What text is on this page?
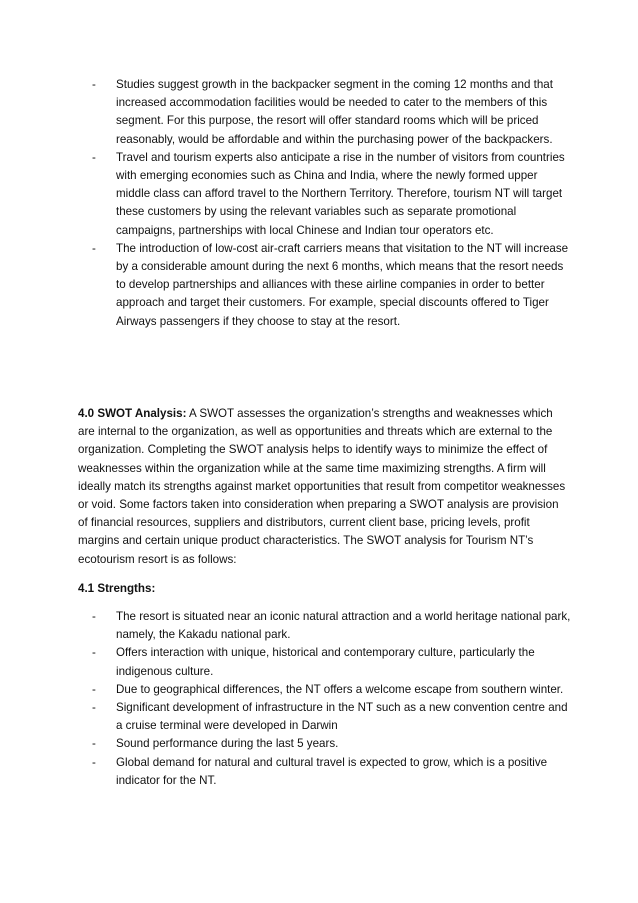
- Studies suggest growth in the backpacker segment in the coming 12 months and that increased accommodation facilities would be needed to cater to the members of this segment. For this purpose, the resort will offer standard rooms which will be priced reasonably, would be affordable and within the purchasing power of the backpackers.
- Travel and tourism experts also anticipate a rise in the number of visitors from countries with emerging economies such as China and India, where the newly formed upper middle class can afford travel to the Northern Territory. Therefore, tourism NT will target these customers by using the relevant variables such as separate promotional campaigns, partnerships with local Chinese and Indian tour operators etc.
- The introduction of low-cost air-craft carriers means that visitation to the NT will increase by a considerable amount during the next 6 months, which means that the resort needs to develop partnerships and alliances with these airline companies in order to better approach and target their customers. For example, special discounts offered to Tiger Airways passengers if they choose to stay at the resort.

4.0 SWOT Analysis: A SWOT assesses the organization’s strengths and weaknesses which are internal to the organization, as well as opportunities and threats which are external to the organization. Completing the SWOT analysis helps to identify ways to minimize the effect of weaknesses within the organization while at the same time maximizing strengths. A firm will ideally match its strengths against market opportunities that result from competitor weaknesses or void. Some factors taken into consideration when preparing a SWOT analysis are provision of financial resources, suppliers and distributors, current client base, pricing levels, profit margins and certain unique product characteristics. The SWOT analysis for Tourism NT’s ecotourism resort is as follows:

4.1 Strengths:

- The resort is situated near an iconic natural attraction and a world heritage national park, namely, the Kakadu national park.
- Offers interaction with unique, historical and contemporary culture, particularly the indigenous culture.
- Due to geographical differences, the NT offers a welcome escape from southern winter.
- Significant development of infrastructure in the NT such as a new convention centre and a cruise terminal were developed in Darwin
- Sound performance during the last 5 years.
- Global demand for natural and cultural travel is expected to grow, which is a positive indicator for the NT.
